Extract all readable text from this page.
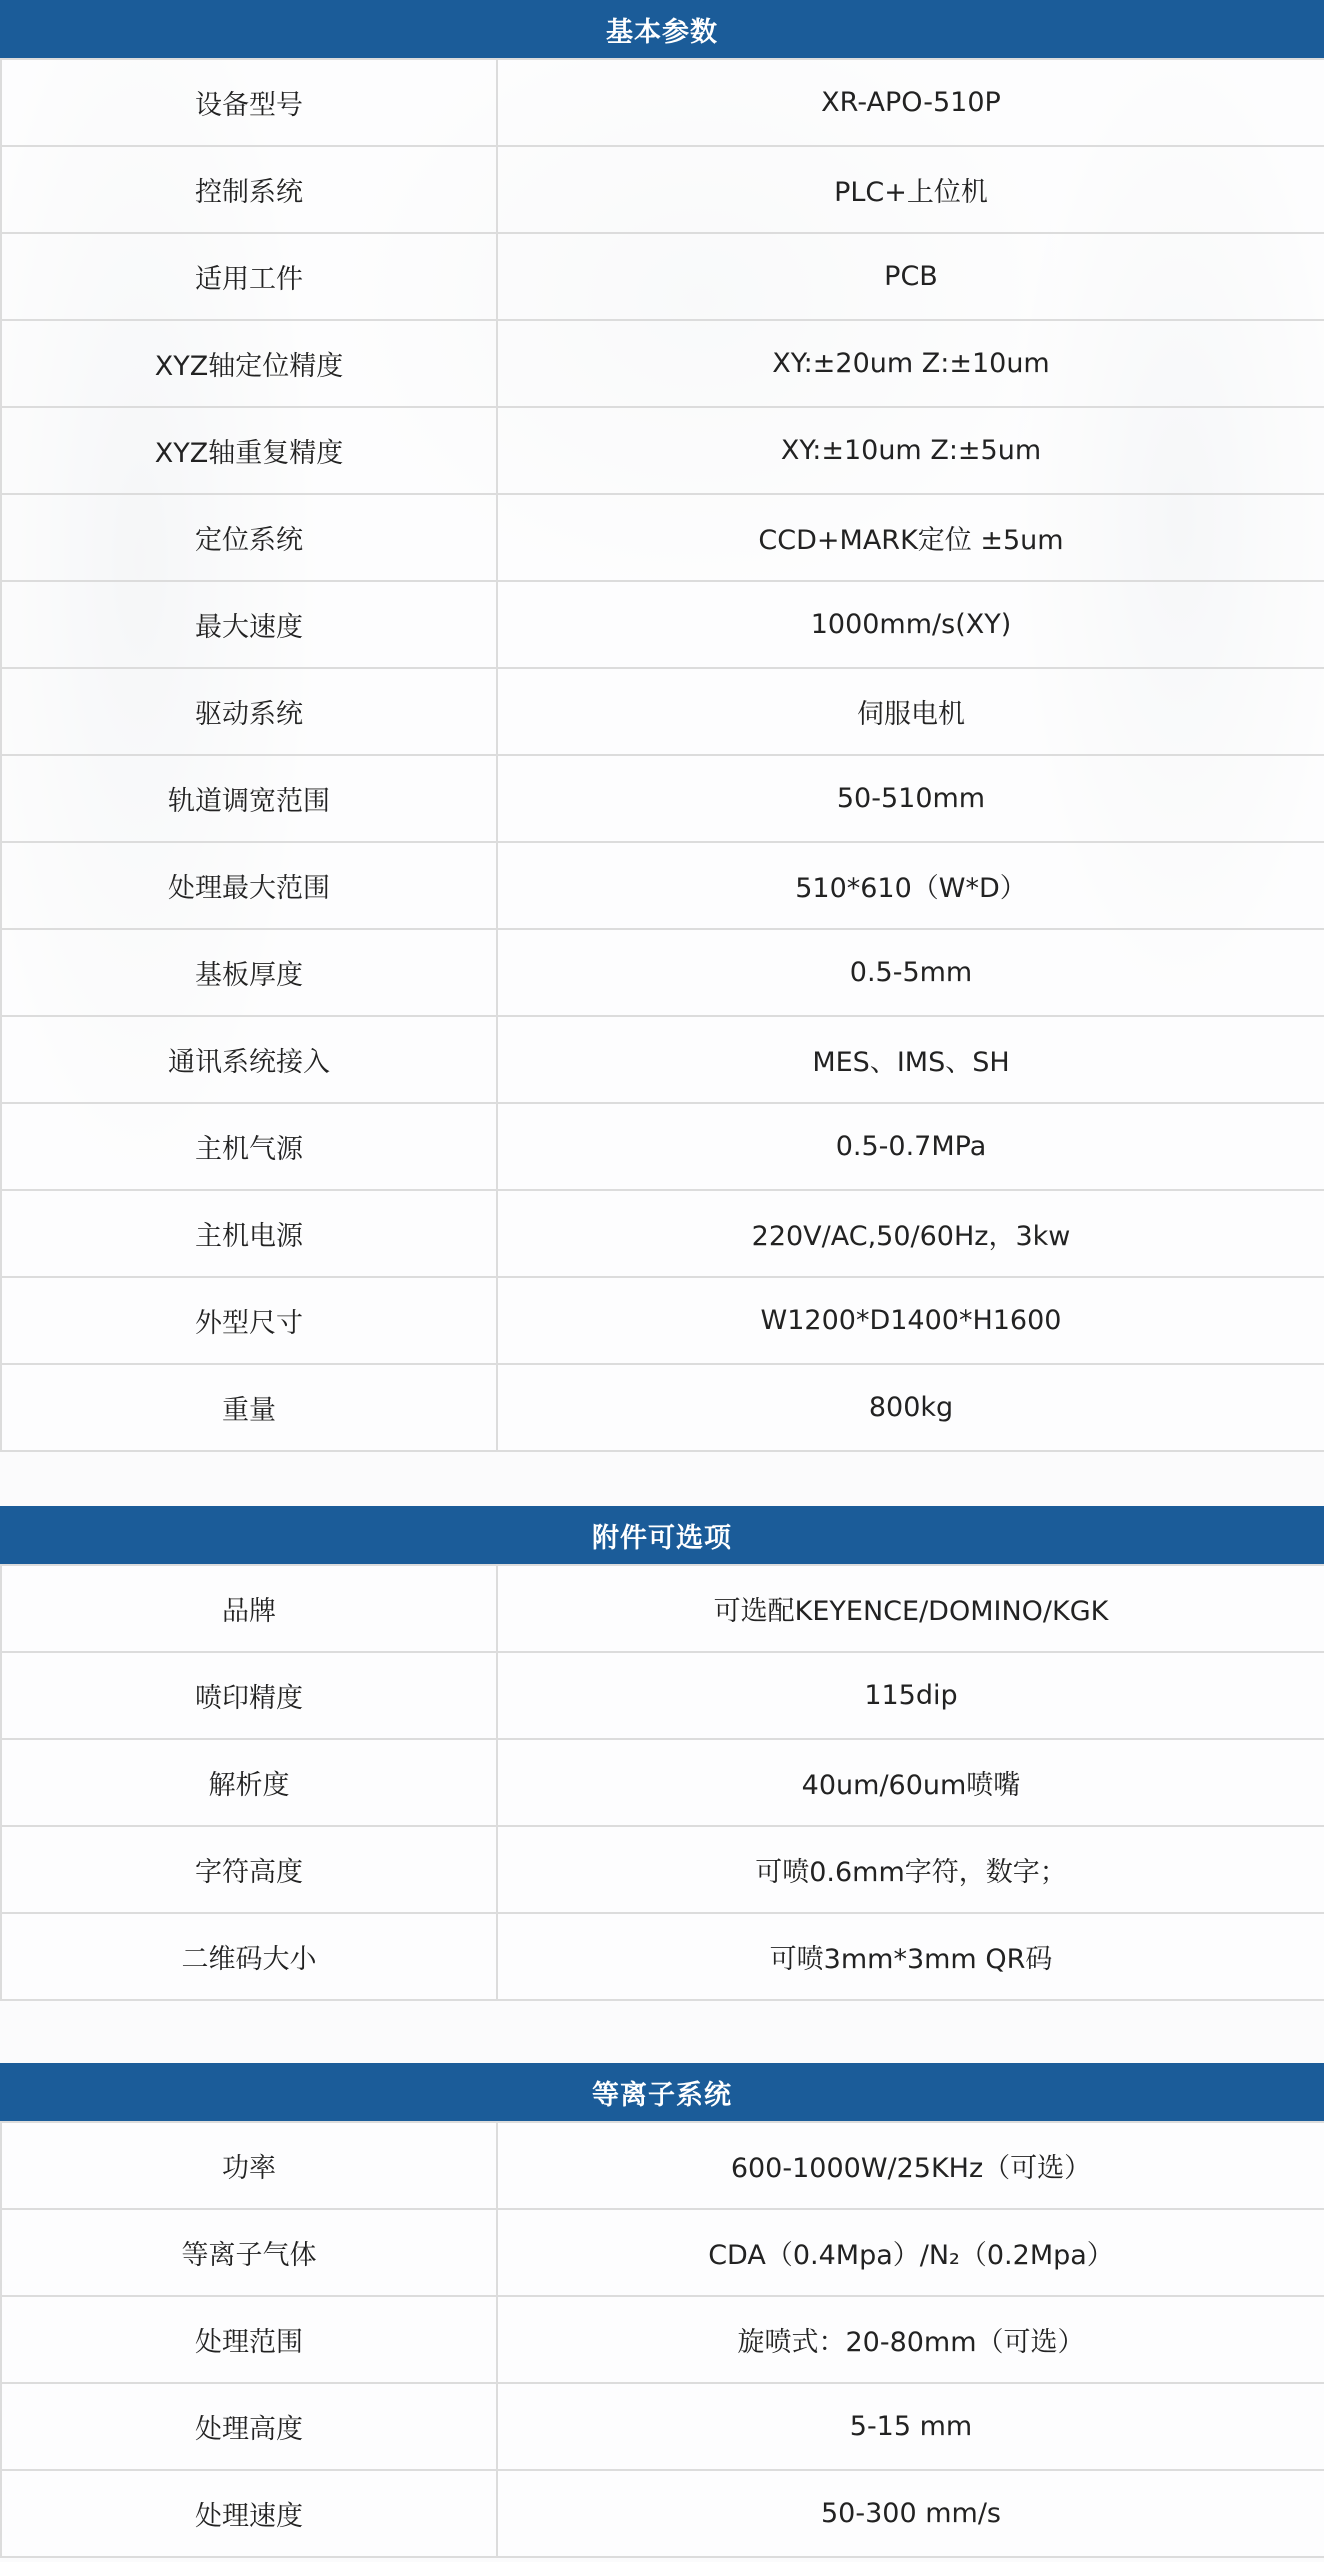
基本参数
设备型号	XR-APO-510P
控制系统	PLC+上位机
适用工件	PCB
XYZ轴定位精度	XY:±20um Z:±10um
XYZ轴重复精度	XY:±10um Z:±5um
定位系统	CCD+MARK定位 ±5um
最大速度	1000mm/s(XY)
驱动系统	伺服电机
轨道调宽范围	50-510mm
处理最大范围	510*610（W*D）
基板厚度	0.5-5mm
通讯系统接入	MES、IMS、SH
主机气源	0.5-0.7MPa
主机电源	220V/AC,50/60Hz，3kw
外型尺寸	W1200*D1400*H1600
重量	800kg
附件可选项
品牌	可选配KEYENCE/DOMINO/KGK
喷印精度	115dip
解析度	40um/60um喷嘴
字符高度	可喷0.6mm字符，数字；
二维码大小	可喷3mm*3mm QR码
等离子系统
功率	600-1000W/25KHz（可选）
等离子气体	CDA（0.4Mpa）/N₂（0.2Mpa）
处理范围	旋喷式：20-80mm（可选）
处理高度	5-15 mm
处理速度	50-300 mm/s
